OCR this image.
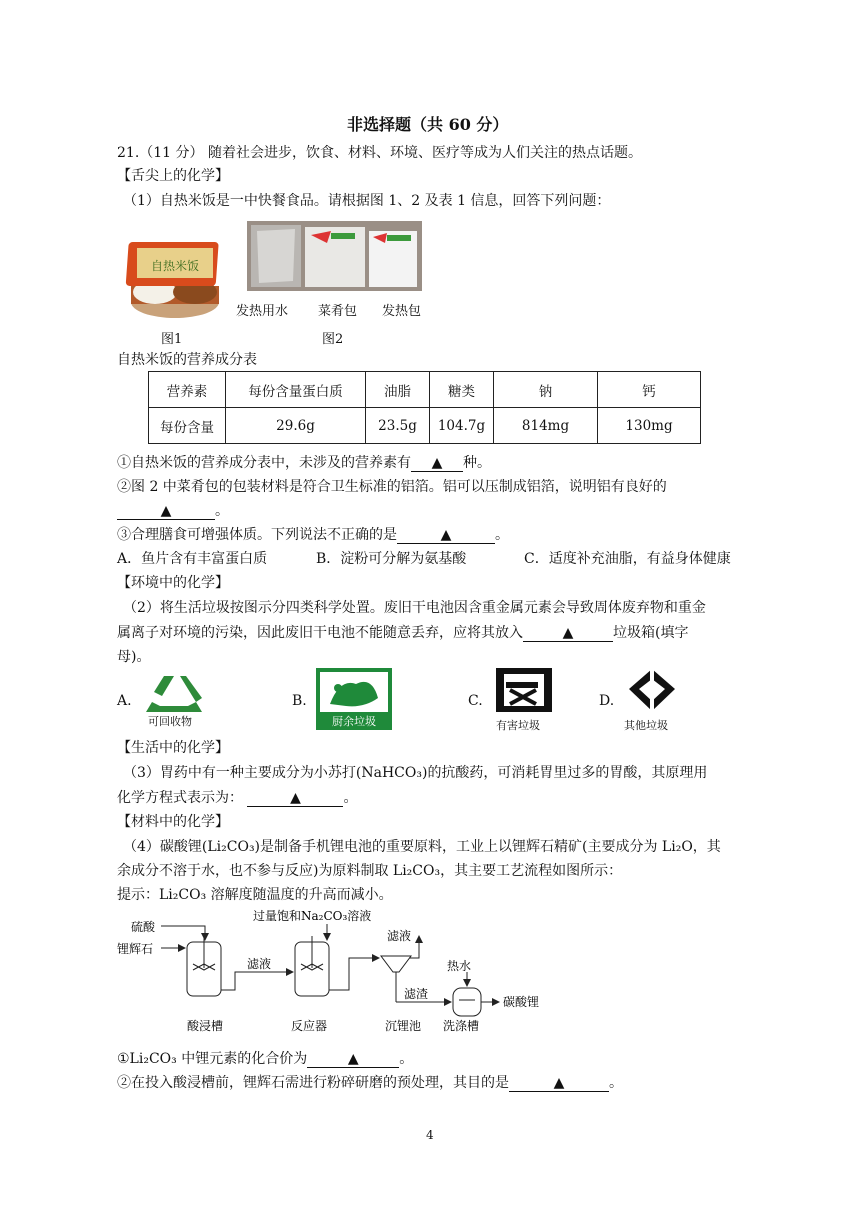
非选择题（共 60 分）
21.（11 分） 随着社会进步，饮食、材料、环境、医疗等成为人们关注的热点话题。
【舌尖上的化学】
（1）自热米饭是一中快餐食品。请根据图 1、2 及表 1 信息，回答下列问题：
自热米饭
图1
发热用水 菜肴包 发热包
图2
自热米饭的营养成分表
营养素	每份含量蛋白质	油脂	糖类	钠	钙
每份含量	29.6g	23.5g	104.7g	814mg	130mg
①自热米饭的营养成分表中，未涉及的营养素有 ▲ 种。
②图 2 中菜肴包的包装材料是符合卫生标准的铝箔。铝可以压制成铝箔，说明铝有良好的
▲	。
③合理膳食可增强体质。下列说法不正确的是	▲	。
A．鱼片含有丰富蛋白质	B．淀粉可分解为氨基酸	C．适度补充油脂，有益身体健康
【环境中的化学】
（2）将生活垃圾按图示分四类科学处置。废旧干电池因含重金属元素会导致周体废弃物和重金
属离子对环境的污染，因此废旧干电池不能随意丢弃，应将其放入	▲	垃圾箱(填字
母)。
A.
可回收物
B.
厨余垃圾
C.
有害垃圾
D.
其他垃圾
【生活中的化学】
（3）胃药中有一种主要成分为小苏打(NaHCO₃)的抗酸药，可消耗胃里过多的胃酸，其原理用
化学方程式表示为：	▲	。
【材料中的化学】
（4）碳酸锂(Li₂CO₃)是制备手机锂电池的重要原料，工业上以锂辉石精矿(主要成分为 Li₂O，其
余成分不溶于水，也不参与反应)为原料制取 Li₂CO₃，其主要工艺流程如图所示：
提示：Li₂CO₃ 溶解度随温度的升高而减小。
硫酸
锂辉石
酸浸槽
滤液
过量饱和Na₂CO₃溶液
反应器
滤液
沉锂池
滤渣
热水
洗涤槽
碳酸锂
①Li₂CO₃ 中锂元素的化合价为	▲	。
②在投入酸浸槽前，锂辉石需进行粉碎研磨的预处理，其目的是	▲	。
4
